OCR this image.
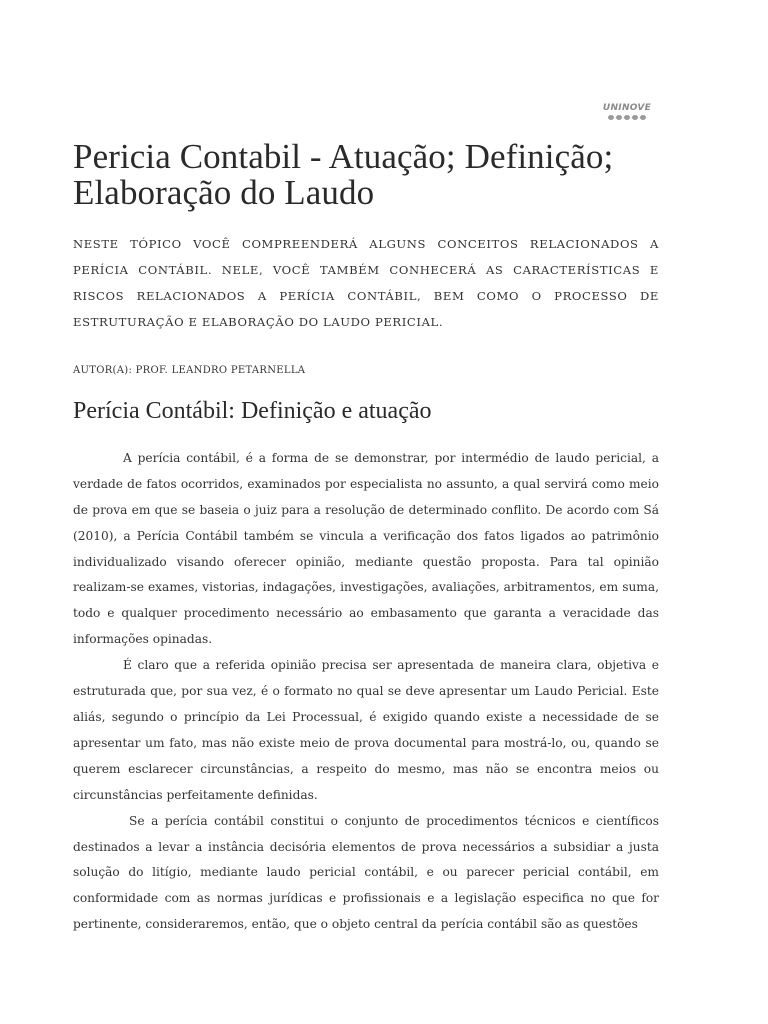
UNINOVE
Pericia Contabil - Atuação; Definição; Elaboração do Laudo
NESTE TÓPICO VOCÊ COMPREENDERÁ ALGUNS CONCEITOS RELACIONADOS A PERÍCIA CONTÁBIL. NELE, VOCÊ TAMBÉM CONHECERÁ AS CARACTERÍSTICAS E RISCOS RELACIONADOS A PERÍCIA CONTÁBIL, BEM COMO O PROCESSO DE ESTRUTURAÇÃO E ELABORAÇÃO DO LAUDO PERICIAL.
AUTOR(A): PROF. LEANDRO PETARNELLA
Perícia Contábil: Definição e atuação

A perícia contábil, é a forma de se demonstrar, por intermédio de laudo pericial, a verdade de fatos ocorridos, examinados por especialista no assunto, a qual servirá como meio de prova em que se baseia o juiz para a resolução de determinado conflito. De acordo com Sá (2010), a Perícia Contábil também se vincula a verificação dos fatos ligados ao patrimônio individualizado visando oferecer opinião, mediante questão proposta. Para tal opinião realizam-se exames, vistorias, indagações, investigações, avaliações, arbitramentos, em suma, todo e qualquer procedimento necessário ao embasamento que garanta a veracidade das informações opinadas.

É claro que a referida opinião precisa ser apresentada de maneira clara, objetiva e estruturada que, por sua vez, é o formato no qual se deve apresentar um Laudo Pericial. Este aliás, segundo o princípio da Lei Processual, é exigido quando existe a necessidade de se apresentar um fato, mas não existe meio de prova documental para mostrá-lo, ou, quando se querem esclarecer circunstâncias, a respeito do mesmo, mas não se encontra meios ou circunstâncias perfeitamente definidas.

Se a perícia contábil constitui o conjunto de procedimentos técnicos e científicos destinados a levar a instância decisória elementos de prova necessários a subsidiar a justa solução do litígio, mediante laudo pericial contábil, e ou parecer pericial contábil, em conformidade com as normas jurídicas e profissionais e a legislação especifica no que for pertinente, consideraremos, então, que o objeto central da perícia contábil são as questões
